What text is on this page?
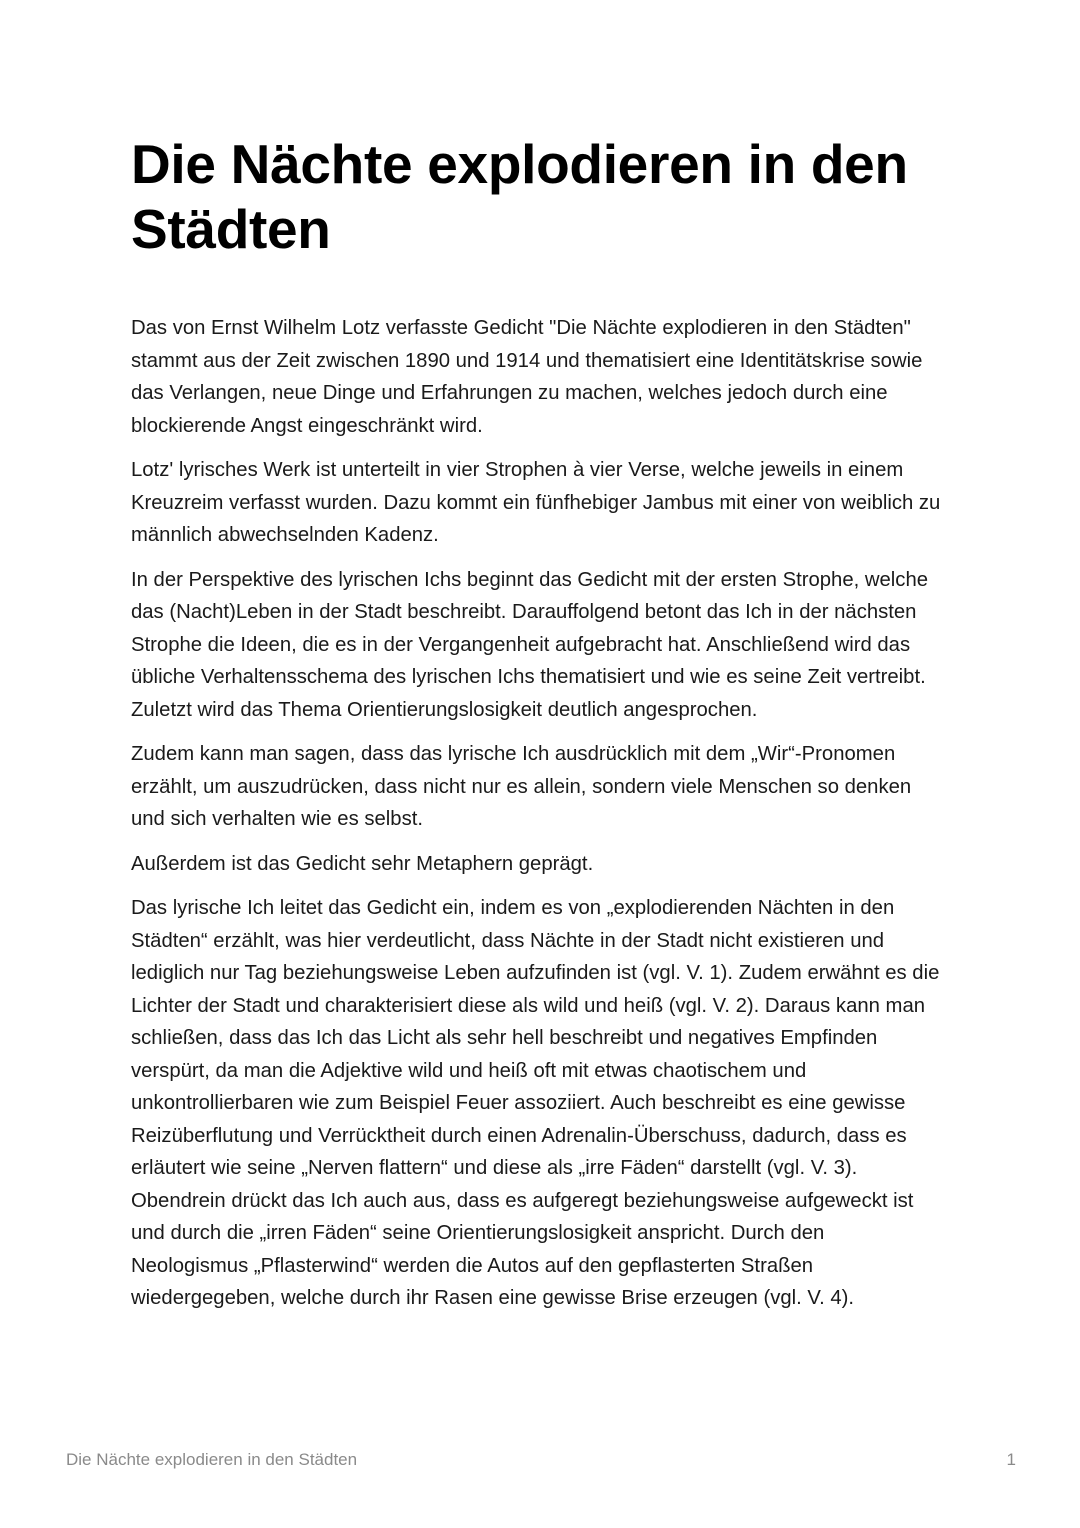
Die Nächte explodieren in den Städten

Das von Ernst Wilhelm Lotz verfasste Gedicht "Die Nächte explodieren in den Städten" stammt aus der Zeit zwischen 1890 und 1914 und thematisiert eine Identitätskrise sowie das Verlangen, neue Dinge und Erfahrungen zu machen, welches jedoch durch eine blockierende Angst eingeschränkt wird.

Lotz' lyrisches Werk ist unterteilt in vier Strophen à vier Verse, welche jeweils in einem Kreuzreim verfasst wurden. Dazu kommt ein fünfhebiger Jambus mit einer von weiblich zu männlich abwechselnden Kadenz.

In der Perspektive des lyrischen Ichs beginnt das Gedicht mit der ersten Strophe, welche das (Nacht)Leben in der Stadt beschreibt. Darauffolgend betont das Ich in der nächsten Strophe die Ideen, die es in der Vergangenheit aufgebracht hat. Anschließend wird das übliche Verhaltensschema des lyrischen Ichs thematisiert und wie es seine Zeit vertreibt. Zuletzt wird das Thema Orientierungslosigkeit deutlich angesprochen.

Zudem kann man sagen, dass das lyrische Ich ausdrücklich mit dem „Wir“-Pronomen erzählt, um auszudrücken, dass nicht nur es allein, sondern viele Menschen so denken und sich verhalten wie es selbst.

Außerdem ist das Gedicht sehr Metaphern geprägt.

Das lyrische Ich leitet das Gedicht ein, indem es von „explodierenden Nächten in den Städten“ erzählt, was hier verdeutlicht, dass Nächte in der Stadt nicht existieren und lediglich nur Tag beziehungsweise Leben aufzufinden ist (vgl. V. 1). Zudem erwähnt es die Lichter der Stadt und charakterisiert diese als wild und heiß (vgl. V. 2). Daraus kann man schließen, dass das Ich das Licht als sehr hell beschreibt und negatives Empfinden verspürt, da man die Adjektive wild und heiß oft mit etwas chaotischem und unkontrollierbaren wie zum Beispiel Feuer assoziiert. Auch beschreibt es eine gewisse Reizüberflutung und Verrücktheit durch einen Adrenalin-Überschuss, dadurch, dass es erläutert wie seine „Nerven flattern“ und diese als „irre Fäden“ darstellt (vgl. V. 3). Obendrein drückt das Ich auch aus, dass es aufgeregt beziehungsweise aufgeweckt ist und durch die „irren Fäden“ seine Orientierungslosigkeit anspricht. Durch den Neologismus „Pflasterwind“ werden die Autos auf den gepflasterten Straßen wiedergegeben, welche durch ihr Rasen eine gewisse Brise erzeugen (vgl. V. 4).

Die Nächte explodieren in den Städten	1
